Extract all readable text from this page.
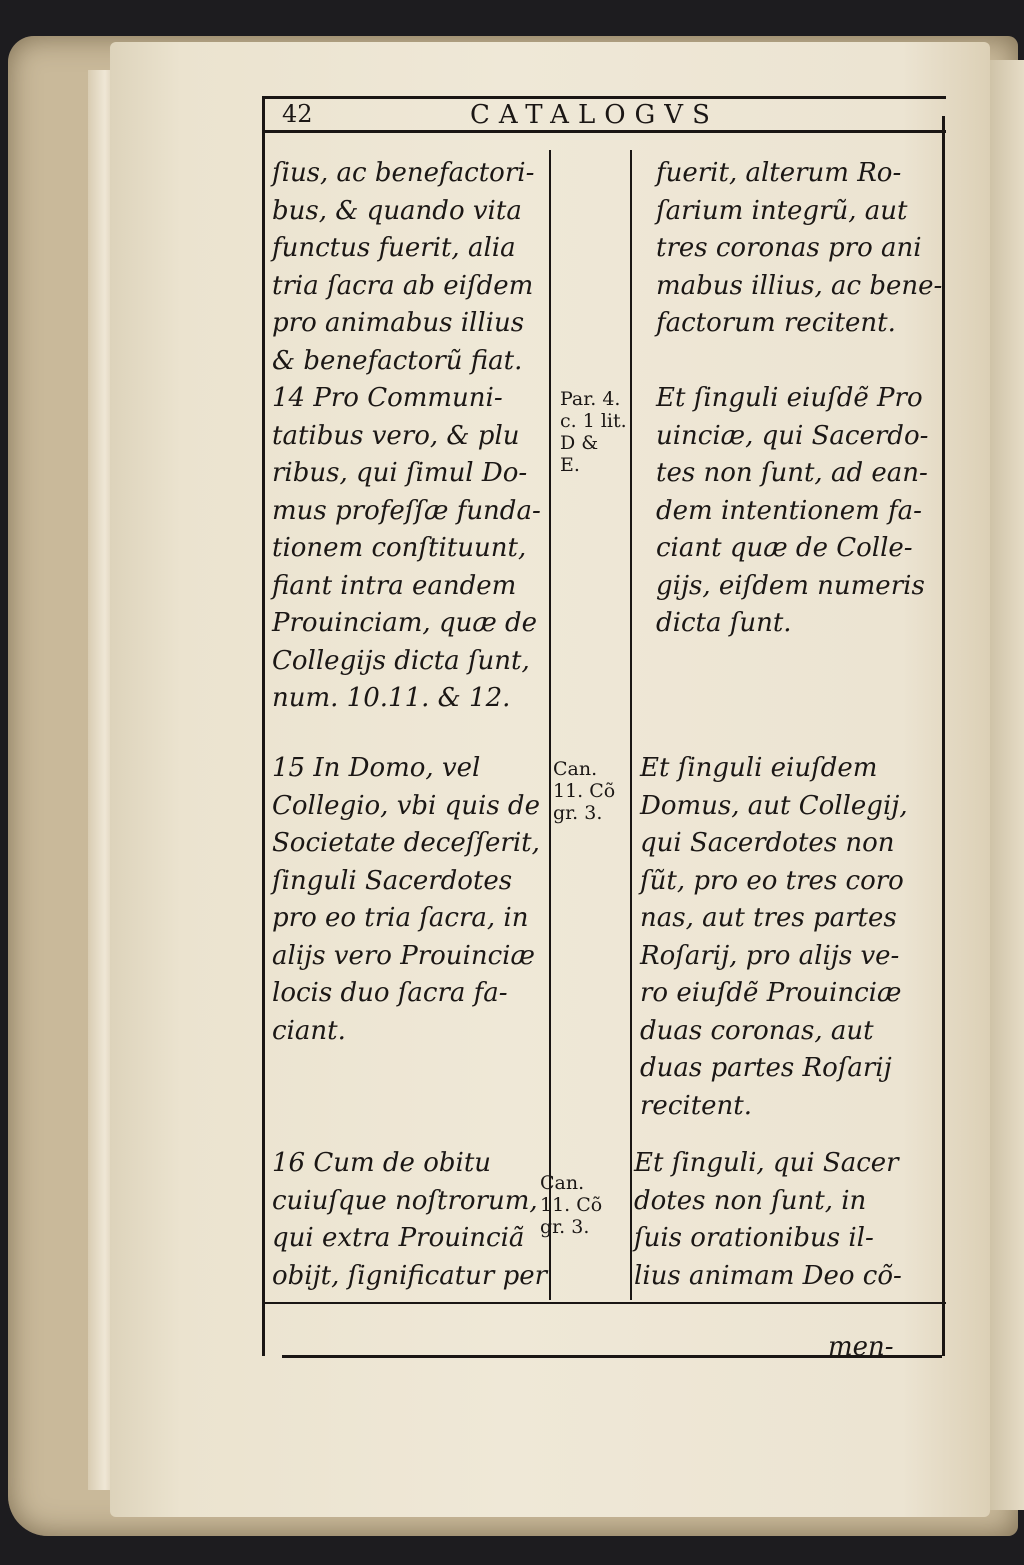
42	CATALOGVS
ſius, ac benefactori-
bus, & quando vita
functus fuerit, alia
tria ſacra ab eiſdem
pro animabus illius
& benefactorũ fiat.
fuerit, alterum Ro-
ſarium integrũ, aut
tres coronas pro ani
mabus illius, ac bene-
factorum recitent.
14 Pro Communi-
tatibus vero, & plu
ribus, qui ſimul Do-
mus profeſſæ funda-
tionem conſtituunt,
fiant intra eandem
Prouinciam, quæ de
Collegijs dicta ſunt,
num. 10.11. & 12.
Par. 4.
c. 1 lit.
D &
E.
Et ſinguli eiuſdẽ Pro
uinciæ, qui Sacerdo-
tes non ſunt, ad ean-
dem intentionem fa-
ciant quæ de Colle-
gijs, eiſdem numeris
dicta ſunt.
15 In Domo, vel
Collegio, vbi quis de
Societate deceſſerit,
ſinguli Sacerdotes
pro eo tria ſacra, in
alijs vero Prouinciæ
locis duo ſacra fa-
ciant.
Can.
11. Cõ
gr. 3.
Et ſinguli eiuſdem
Domus, aut Collegij,
qui Sacerdotes non
ſũt, pro eo tres coro
nas, aut tres partes
Roſarij, pro alijs ve-
ro eiuſdẽ Prouinciæ
duas coronas, aut
duas partes Roſarij
recitent.
16 Cum de obitu
cuiuſque noſtrorum,
qui extra Prouinciã
obijt, ſignificatur per
Can.
11. Cõ
gr. 3.
Et ſinguli, qui Sacer
dotes non ſunt, in
ſuis orationibus il-
lius animam Deo cõ-
men-
